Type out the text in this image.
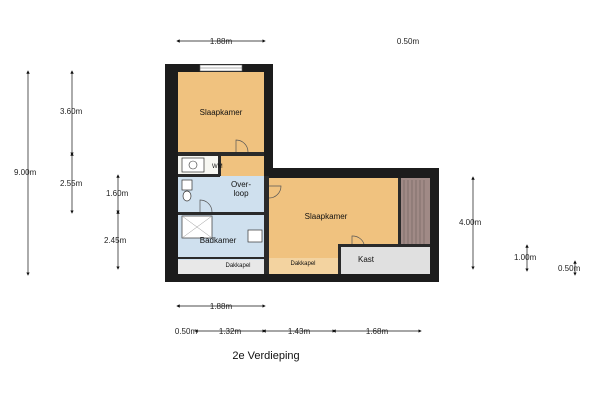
Slaapkamer
Slaapkamer
Over-
loop
Badkamer
Kast
WM
Dakkapel	Dakkapel
1.88m	0.50m
9.00m
3.60m
2.55m
1.60m
2.45m
4.00m
1.00m
0.50m
1.88m
0.50m	1.32m	1.43m	1.68m
2e Verdieping
